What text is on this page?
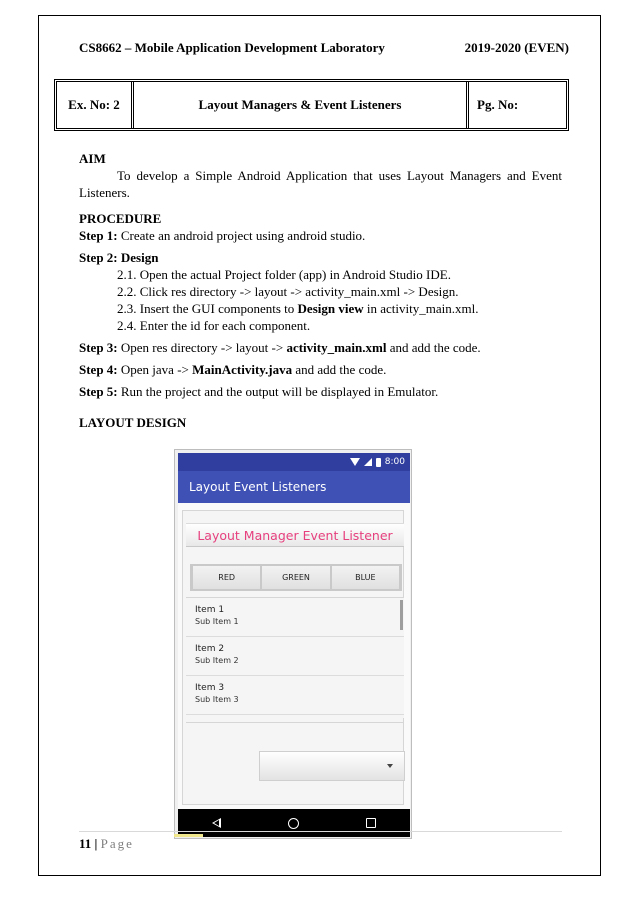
CS8662 – Mobile Application Development Laboratory	2019-2020 (EVEN)
Ex. No: 2	Layout Managers & Event Listeners	Pg. No:
AIM
To develop a Simple Android Application that uses Layout Managers and Event Listeners.
PROCEDURE
Step 1: Create an android project using android studio.
Step 2: Design
2.1. Open the actual Project folder (app) in Android Studio IDE.
2.2. Click res directory -> layout -> activity_main.xml -> Design.
2.3. Insert the GUI components to Design view in activity_main.xml.
2.4. Enter the id for each component.
Step 3: Open res directory -> layout -> activity_main.xml and add the code.
Step 4: Open java -> MainActivity.java and add the code.
Step 5: Run the project and the output will be displayed in Emulator.
LAYOUT DESIGN
8:00
Layout Event Listeners
Layout Manager Event Listener
RED	GREEN	BLUE
Item 1
Sub Item 1
Item 2
Sub Item 2
Item 3
Sub Item 3
11 | Page
